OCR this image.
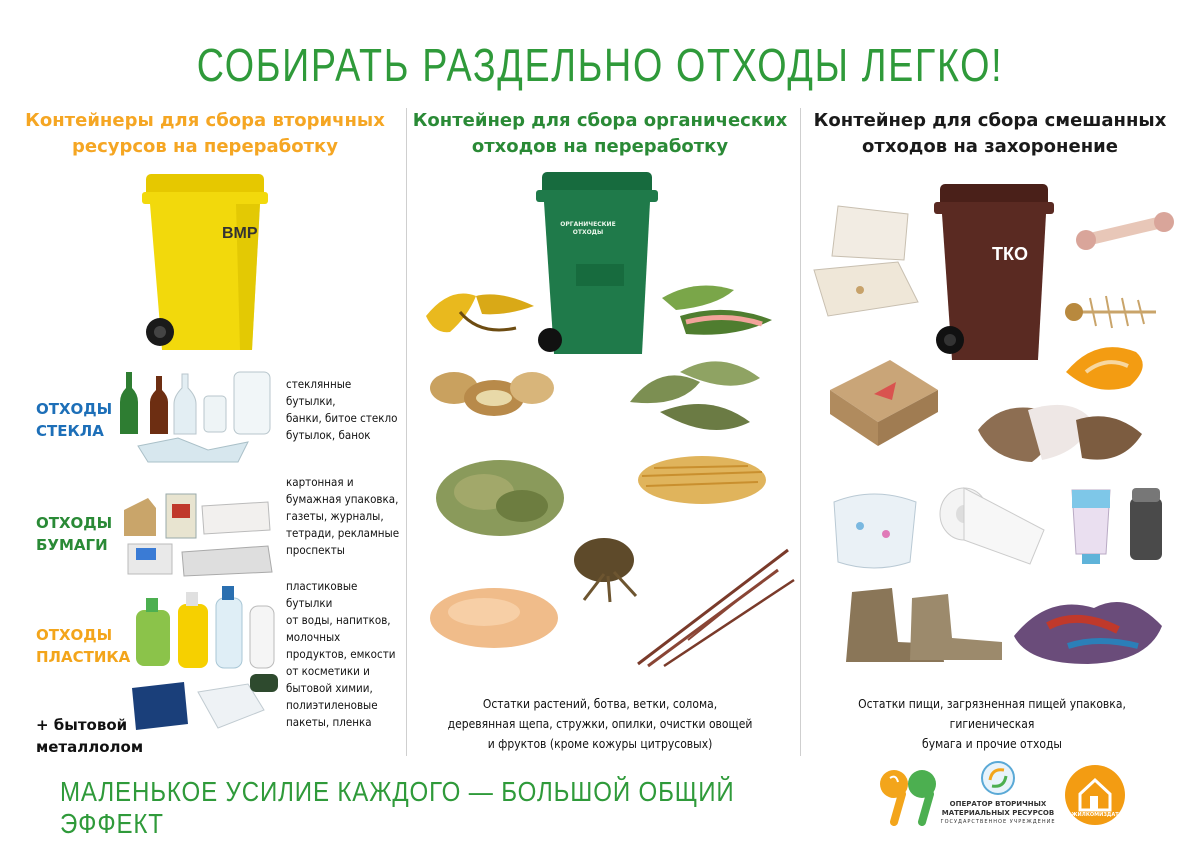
СОБИРАТЬ РАЗДЕЛЬНО ОТХОДЫ ЛЕГКО!
Контейнеры для сбора вторичных
ресурсов на переработку
Контейнер для сбора органических
отходов на переработку
Контейнер для сбора смешанных
отходов на захоронение
ВМР
ОТХОДЫ
СТЕКЛА
стеклянные бутылки,
банки, битое стекло
бутылок, банок
ОТХОДЫ
БУМАГИ
картонная и
бумажная упаковка,
газеты, журналы,
тетради, рекламные
проспекты
ОТХОДЫ
ПЛАСТИКА
пластиковые
бутылки
от воды, напитков,
молочных
продуктов, емкости
от косметики и
бытовой химии,
полиэтиленовые
пакеты, пленка
+ бытовой
металлолом
ОРГАНИЧЕСКИЕ
ОТХОДЫ
Остатки растений, ботва, ветки, солома,
деревянная щепа, стружки, опилки, очистки овощей
и фруктов (кроме кожуры цитрусовых)
ТКО
Остатки пищи, загрязненная пищей упаковка, гигиеническая
бумага и прочие отходы
МАЛЕНЬКОЕ УСИЛИЕ КАЖДОГО — БОЛЬШОЙ ОБЩИЙ ЭФФЕКТ
ОПЕРАТОР ВТОРИЧНЫХ
МАТЕРИАЛЬНЫХ РЕСУРСОВ
ГОСУДАРСТВЕННОЕ УЧРЕЖДЕНИЕ
ЖИЛКОМИЗДАТ
